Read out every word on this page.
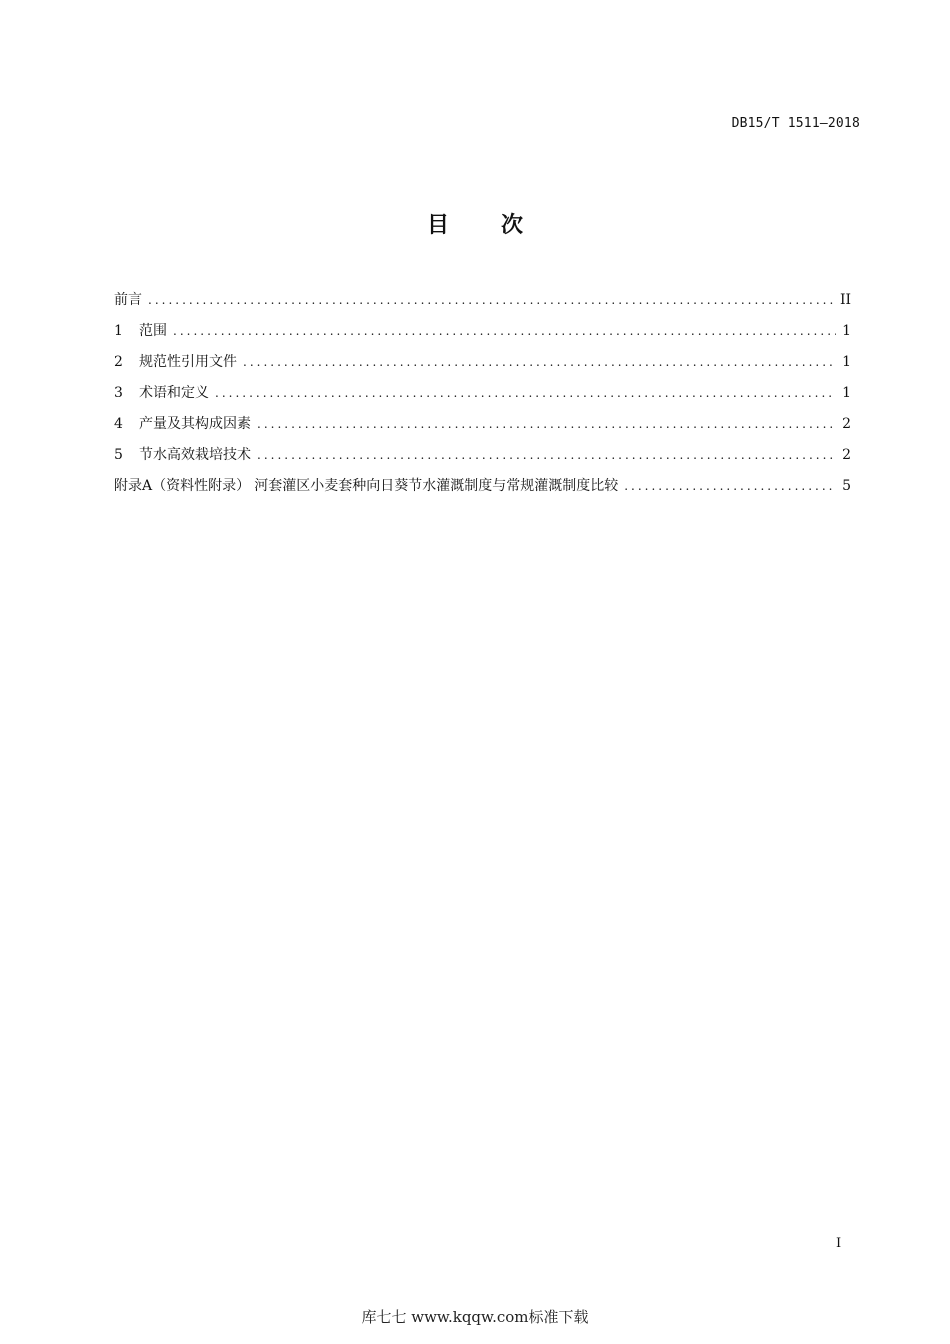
DB15/T 1511—2018
目次
前言 .....	II
1	范围 .....	1
2	规范性引用文件 .....	1
3	术语和定义 .....	1
4	产量及其构成因素 .....	2
5	节水高效栽培技术 .....	2
附录A（资料性附录） 河套灌区小麦套种向日葵节水灌溉制度与常规灌溉制度比较 .....	5
I
库七七 www.kqqw.com标准下载
